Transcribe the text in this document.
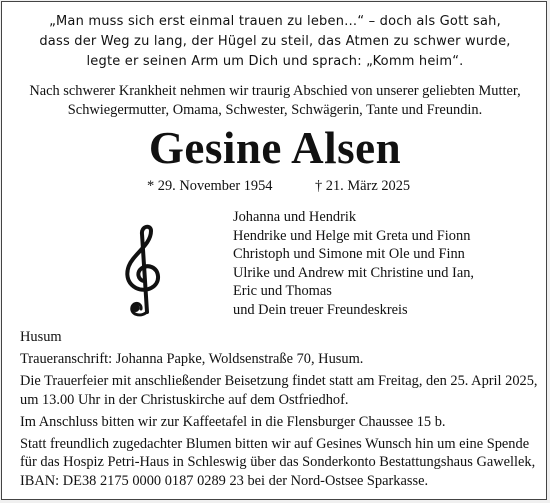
„Man muss sich erst einmal trauen zu leben…“ – doch als Gott sah,
dass der Weg zu lang, der Hügel zu steil, das Atmen zu schwer wurde,
legte er seinen Arm um Dich und sprach: „Komm heim“.
Nach schwerer Krankheit nehmen wir traurig Abschied von unserer geliebten Mutter,
Schwiegermutter, Omama, Schwester, Schwägerin, Tante und Freundin.
Gesine Alsen
* 29. November 1954	† 21. März 2025
Johanna und Hendrik
Hendrike und Helge mit Greta und Fionn
Christoph und Simone mit Ole und Finn
Ulrike und Andrew mit Christine und Ian,
Eric und Thomas
und Dein treuer Freundeskreis

Husum

Traueranschrift: Johanna Papke, Woldsenstraße 70, Husum.

Die Trauerfeier mit anschließender Beisetzung findet statt am Freitag, den 25. April 2025,
um 13.00 Uhr in der Christuskirche auf dem Ostfriedhof.

Im Anschluss bitten wir zur Kaffeetafel in die Flensburger Chaussee 15 b.

Statt freundlich zugedachter Blumen bitten wir auf Gesines Wunsch hin um eine Spende
für das Hospiz Petri-Haus in Schleswig über das Sonderkonto Bestattungshaus Gawellek,
IBAN: DE38 2175 0000 0187 0289 23 bei der Nord-Ostsee Sparkasse.
